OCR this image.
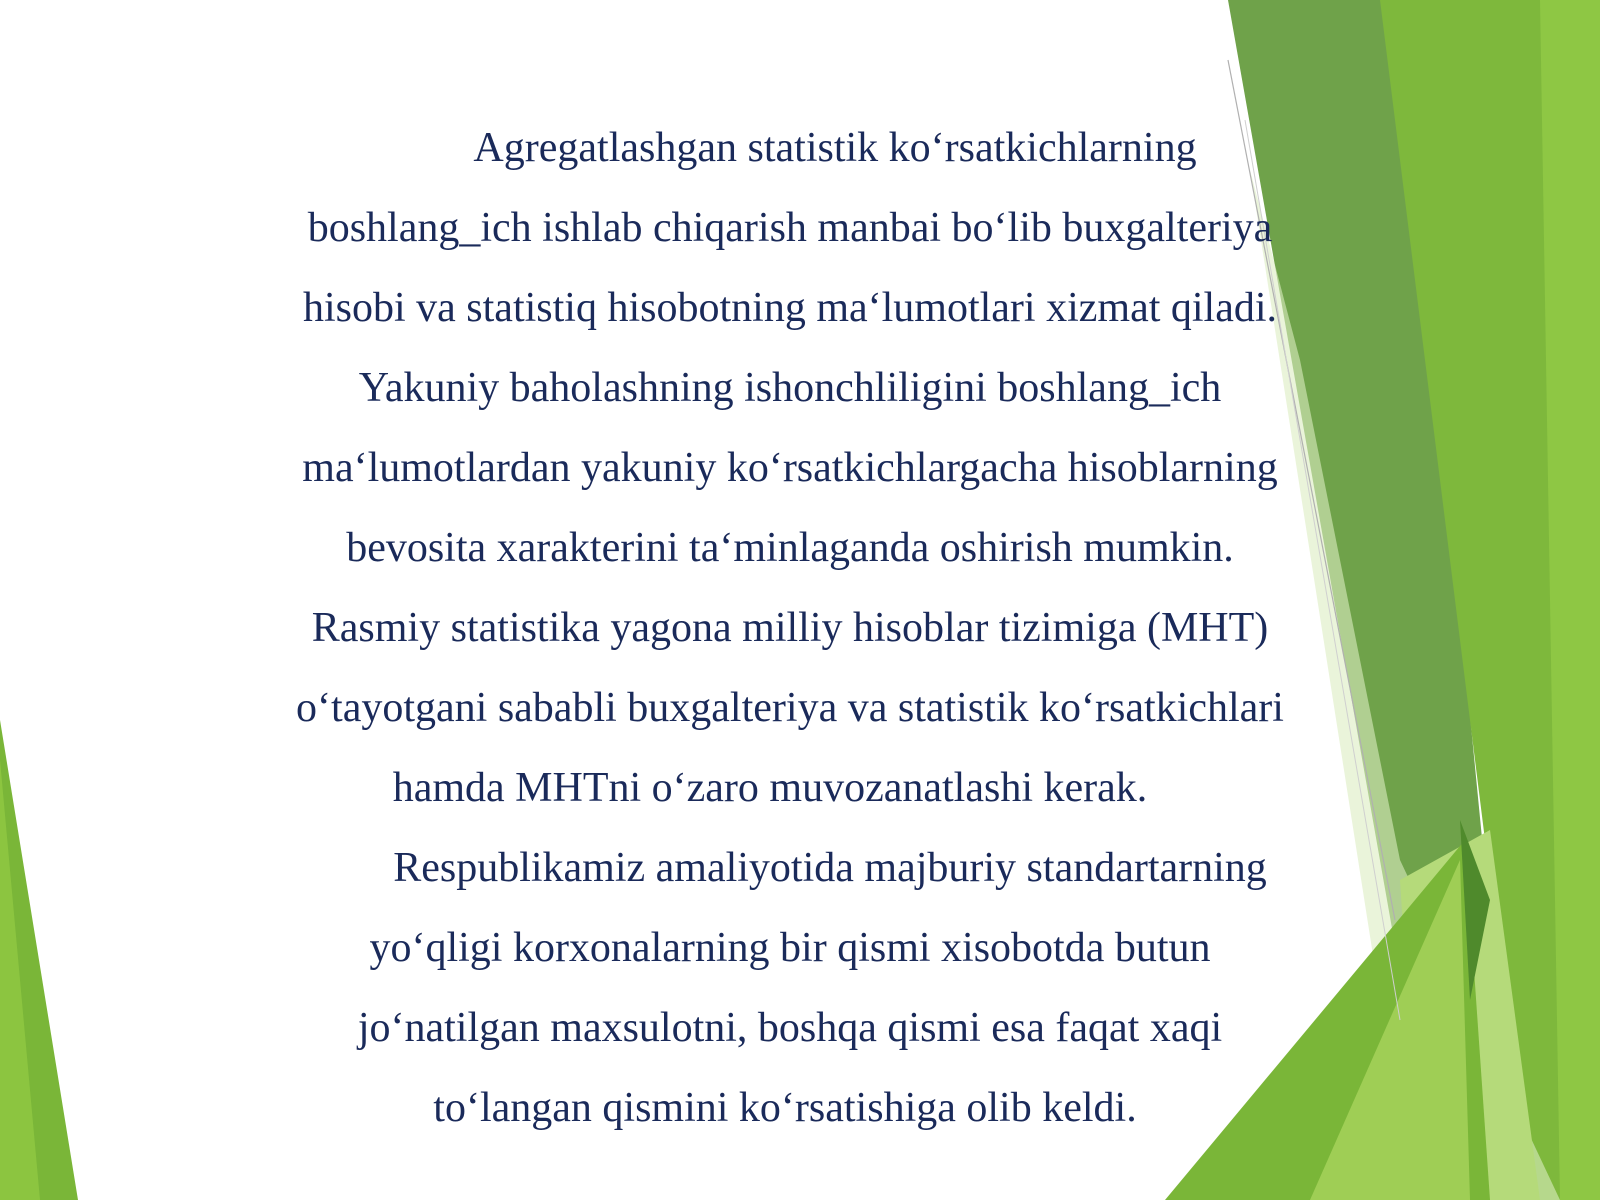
Agregatlashgan statistik ko‘rsatkichlarning
boshlang_ich ishlab chiqarish manbai bo‘lib buxgalteriya
hisobi va statistiq hisobotning ma‘lumotlari xizmat qiladi.
Yakuniy baholashning ishonchliligini boshlang_ich
ma‘lumotlardan yakuniy ko‘rsatkichlargacha hisoblarning
bevosita xarakterini ta‘minlaganda oshirish mumkin.
Rasmiy statistika yagona milliy hisoblar tizimiga (MHT)
o‘tayotgani sababli buxgalteriya va statistik ko‘rsatkichlari
hamda MHTni o‘zaro muvozanatlashi kerak.
Respublikamiz amaliyotida majburiy standartarning
yo‘qligi korxonalarning bir qismi xisobotda butun
jo‘natilgan maxsulotni, boshqa qismi esa faqat xaqi
to‘langan qismini ko‘rsatishiga olib keldi.
